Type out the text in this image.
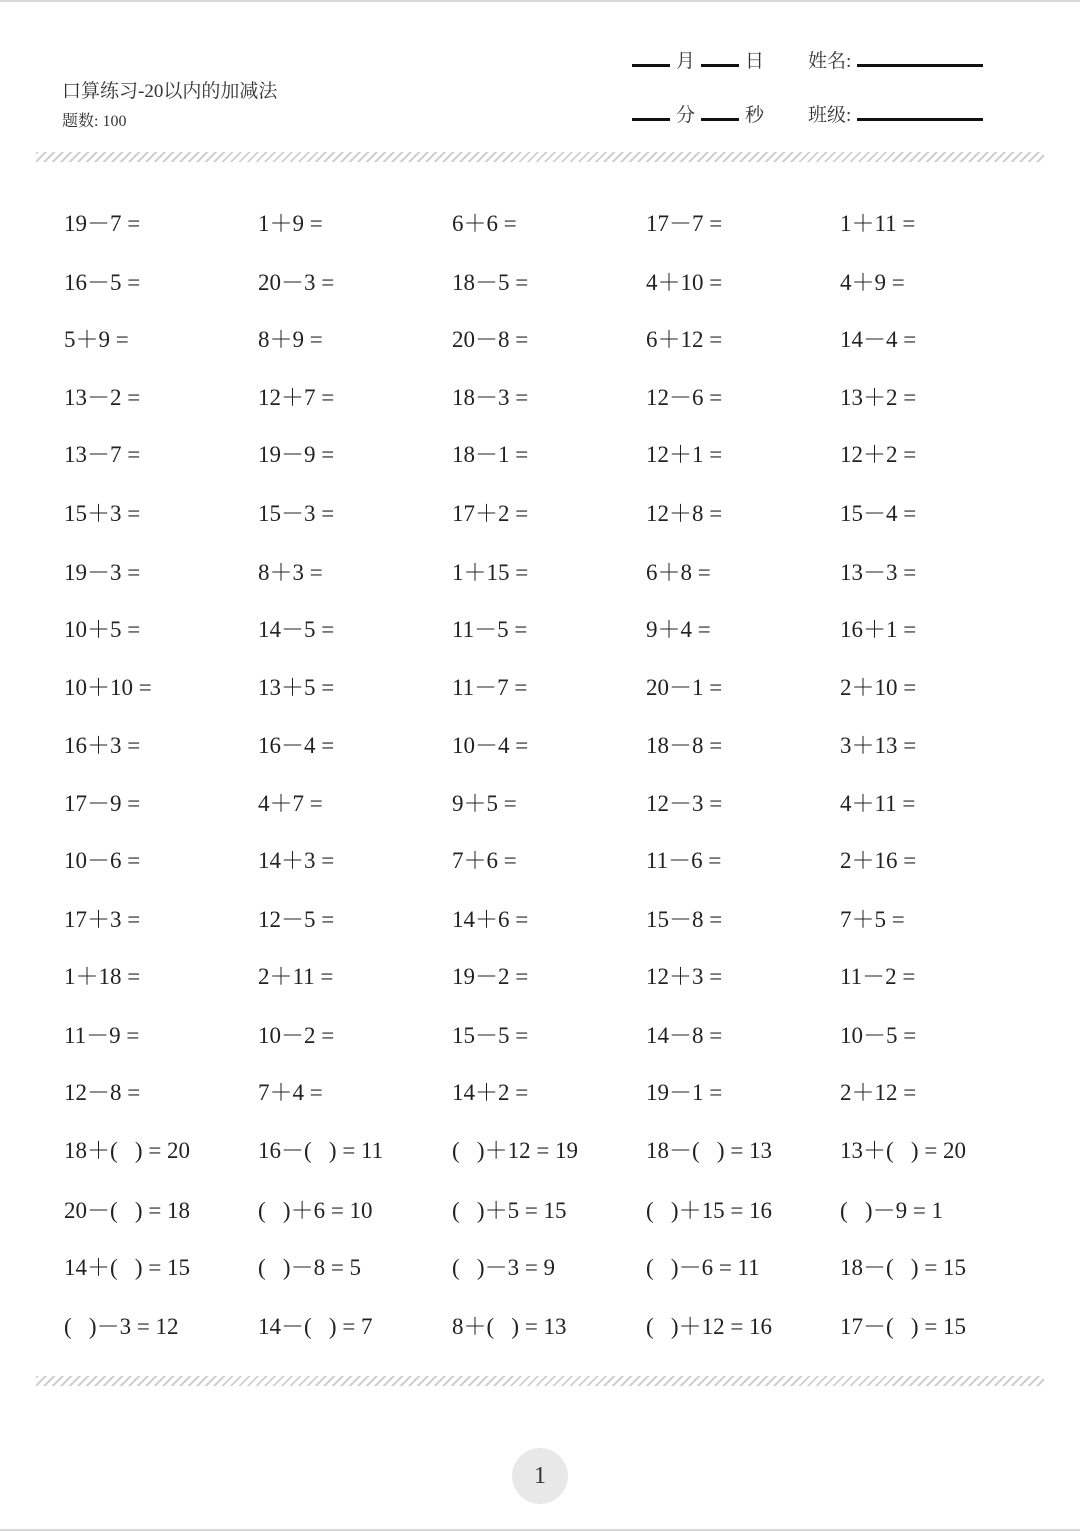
口算练习-20以内的加减法
题数: 100
月	日	姓名:
分	秒	班级:
19－7 =	1＋9 =	6＋6 =	17－7 =	1＋11 =
16－5 =	20－3 =	18－5 =	4＋10 =	4＋9 =
5＋9 =	8＋9 =	20－8 =	6＋12 =	14－4 =
13－2 =	12＋7 =	18－3 =	12－6 =	13＋2 =
13－7 =	19－9 =	18－1 =	12＋1 =	12＋2 =
15＋3 =	15－3 =	17＋2 =	12＋8 =	15－4 =
19－3 =	8＋3 =	1＋15 =	6＋8 =	13－3 =
10＋5 =	14－5 =	11－5 =	9＋4 =	16＋1 =
10＋10 =	13＋5 =	11－7 =	20－1 =	2＋10 =
16＋3 =	16－4 =	10－4 =	18－8 =	3＋13 =
17－9 =	4＋7 =	9＋5 =	12－3 =	4＋11 =
10－6 =	14＋3 =	7＋6 =	11－6 =	2＋16 =
17＋3 =	12－5 =	14＋6 =	15－8 =	7＋5 =
1＋18 =	2＋11 =	19－2 =	12＋3 =	11－2 =
11－9 =	10－2 =	15－5 =	14－8 =	10－5 =
12－8 =	7＋4 =	14＋2 =	19－1 =	2＋12 =
18＋(   ) = 20	16－(   ) = 11	(   )＋12 = 19	18－(   ) = 13	13＋(   ) = 20
20－(   ) = 18	(   )＋6 = 10	(   )＋5 = 15	(   )＋15 = 16	(   )－9 = 1
14＋(   ) = 15	(   )－8 = 5	(   )－3 = 9	(   )－6 = 11	18－(   ) = 15
(   )－3 = 12	14－(   ) = 7	8＋(   ) = 13	(   )＋12 = 16	17－(   ) = 15
1
